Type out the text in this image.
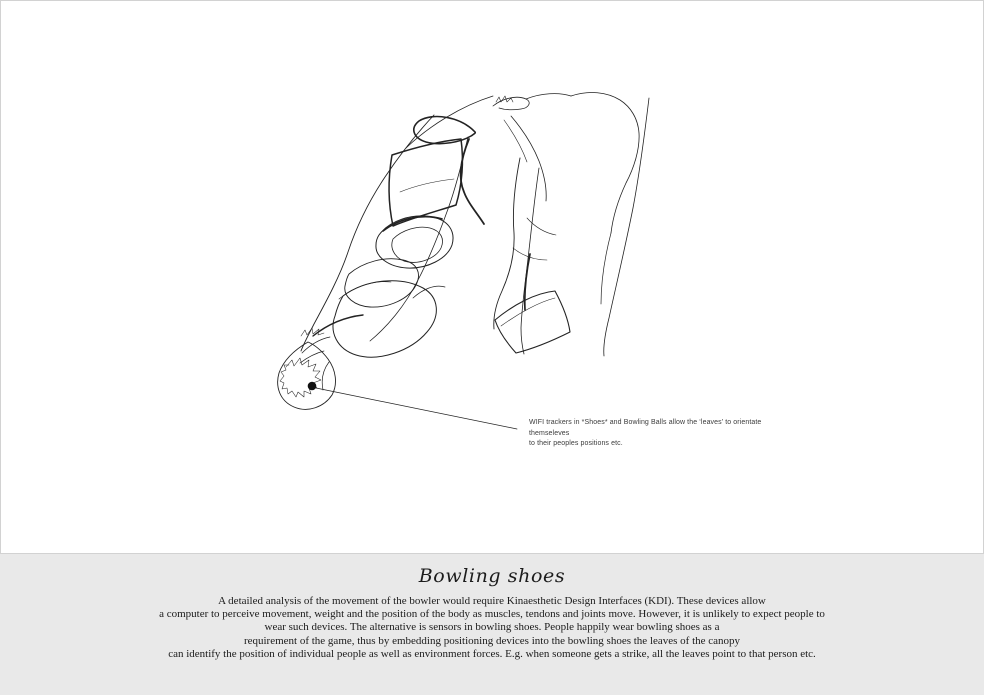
WIFI trackers in *Shoes* and Bowling Balls allow the ‘leaves’ to orientate themseleves
to their peoples positions etc.
Bowling shoes
A detailed analysis of the movement of the bowler would require Kinaesthetic Design Interfaces (KDI). These devices allow
a computer to perceive movement, weight and the position of the body as muscles, tendons and joints move. However, it is unlikely to expect people to
wear such devices. The alternative is sensors in bowling shoes. People happily wear bowling shoes as a
requirement of the game, thus by embedding positioning devices into the bowling shoes the leaves of the canopy
can identify the position of individual people as well as environment forces. E.g. when someone gets a strike, all the leaves point to that person etc.
